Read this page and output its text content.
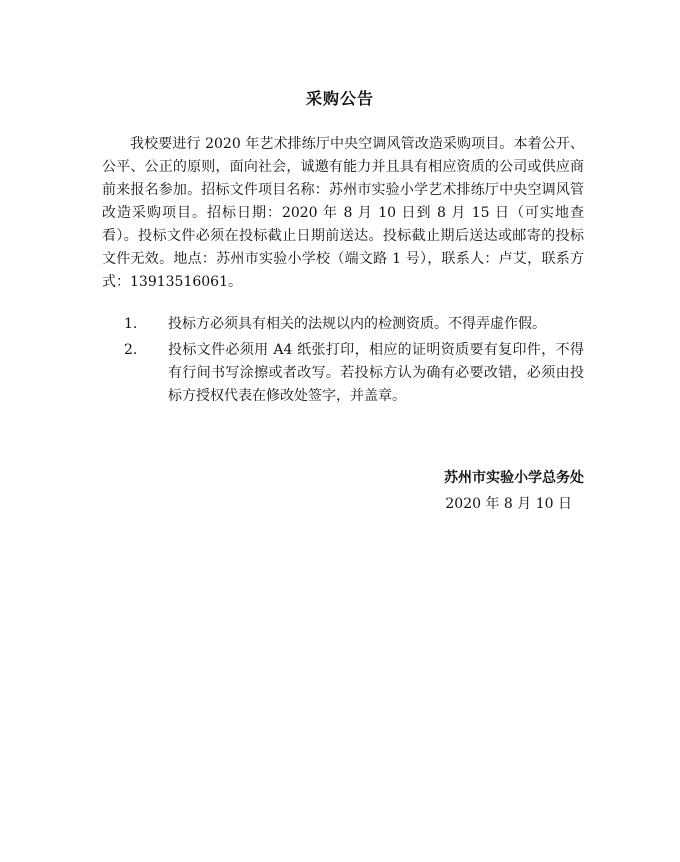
采购公告

我校要进行 2020 年艺术排练厅中央空调风管改造采购项目。本着公开、公平、公正的原则，面向社会，诚邀有能力并且具有相应资质的公司或供应商前来报名参加。招标文件项目名称：苏州市实验小学艺术排练厅中央空调风管改造采购项目。招标日期：2020 年 8 月 10 日到 8 月 15 日（可实地查看）。投标文件必须在投标截止日期前送达。投标截止期后送达或邮寄的投标文件无效。地点：苏州市实验小学校（端文路 1 号），联系人：卢艾，联系方式：13913516061。

1. 投标方必须具有相关的法规以内的检测资质。不得弄虚作假。
2. 投标文件必须用 A4 纸张打印，相应的证明资质要有复印件，不得有行间书写涂擦或者改写。若投标方认为确有必要改错，必须由投标方授权代表在修改处签字，并盖章。
苏州市实验小学总务处
2020 年 8 月 10 日
